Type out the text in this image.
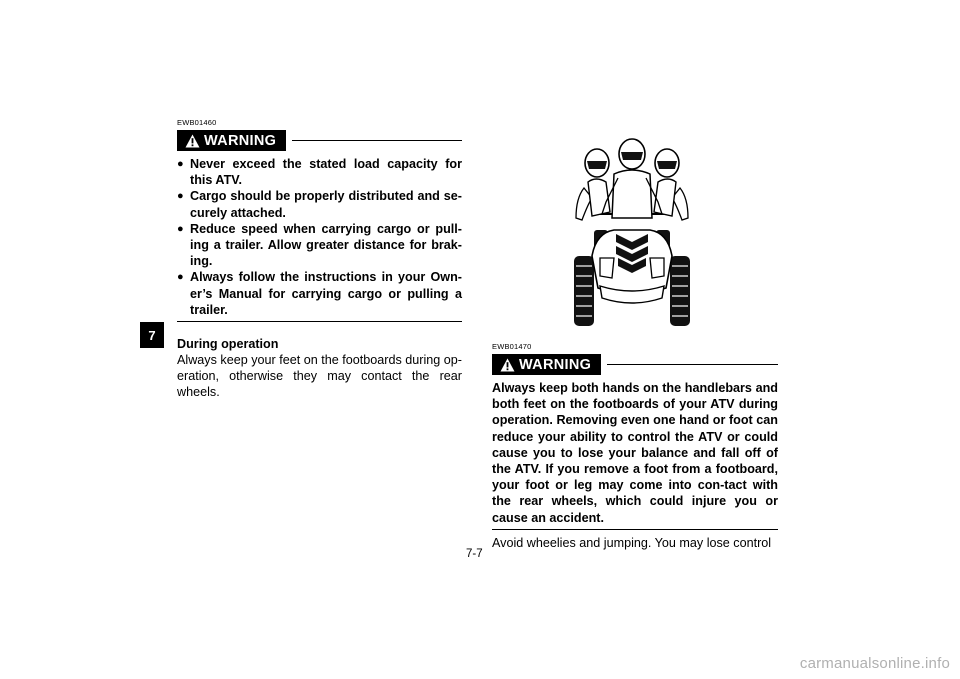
7
EWB01460
WARNING
● Never exceed the stated load capacity for this ATV.
● Cargo should be properly distributed and se-curely attached.
● Reduce speed when carrying cargo or pull-ing a trailer. Allow greater distance for brak-ing.
● Always follow the instructions in your Own-er’s Manual for carrying cargo or pulling a trailer.
During operation
Always keep your feet on the footboards during op-eration, otherwise they may contact the rear wheels.
EWB01470
WARNING
Always keep both hands on the handlebars and both feet on the footboards of your ATV during operation. Removing even one hand or foot can reduce your ability to control the ATV or could cause you to lose your balance and fall off of the ATV. If you remove a foot from a footboard, your foot or leg may come into con-tact with the rear wheels, which could injure you or cause an accident.
Avoid wheelies and jumping. You may lose control
7-7
carmanualsonline.info
